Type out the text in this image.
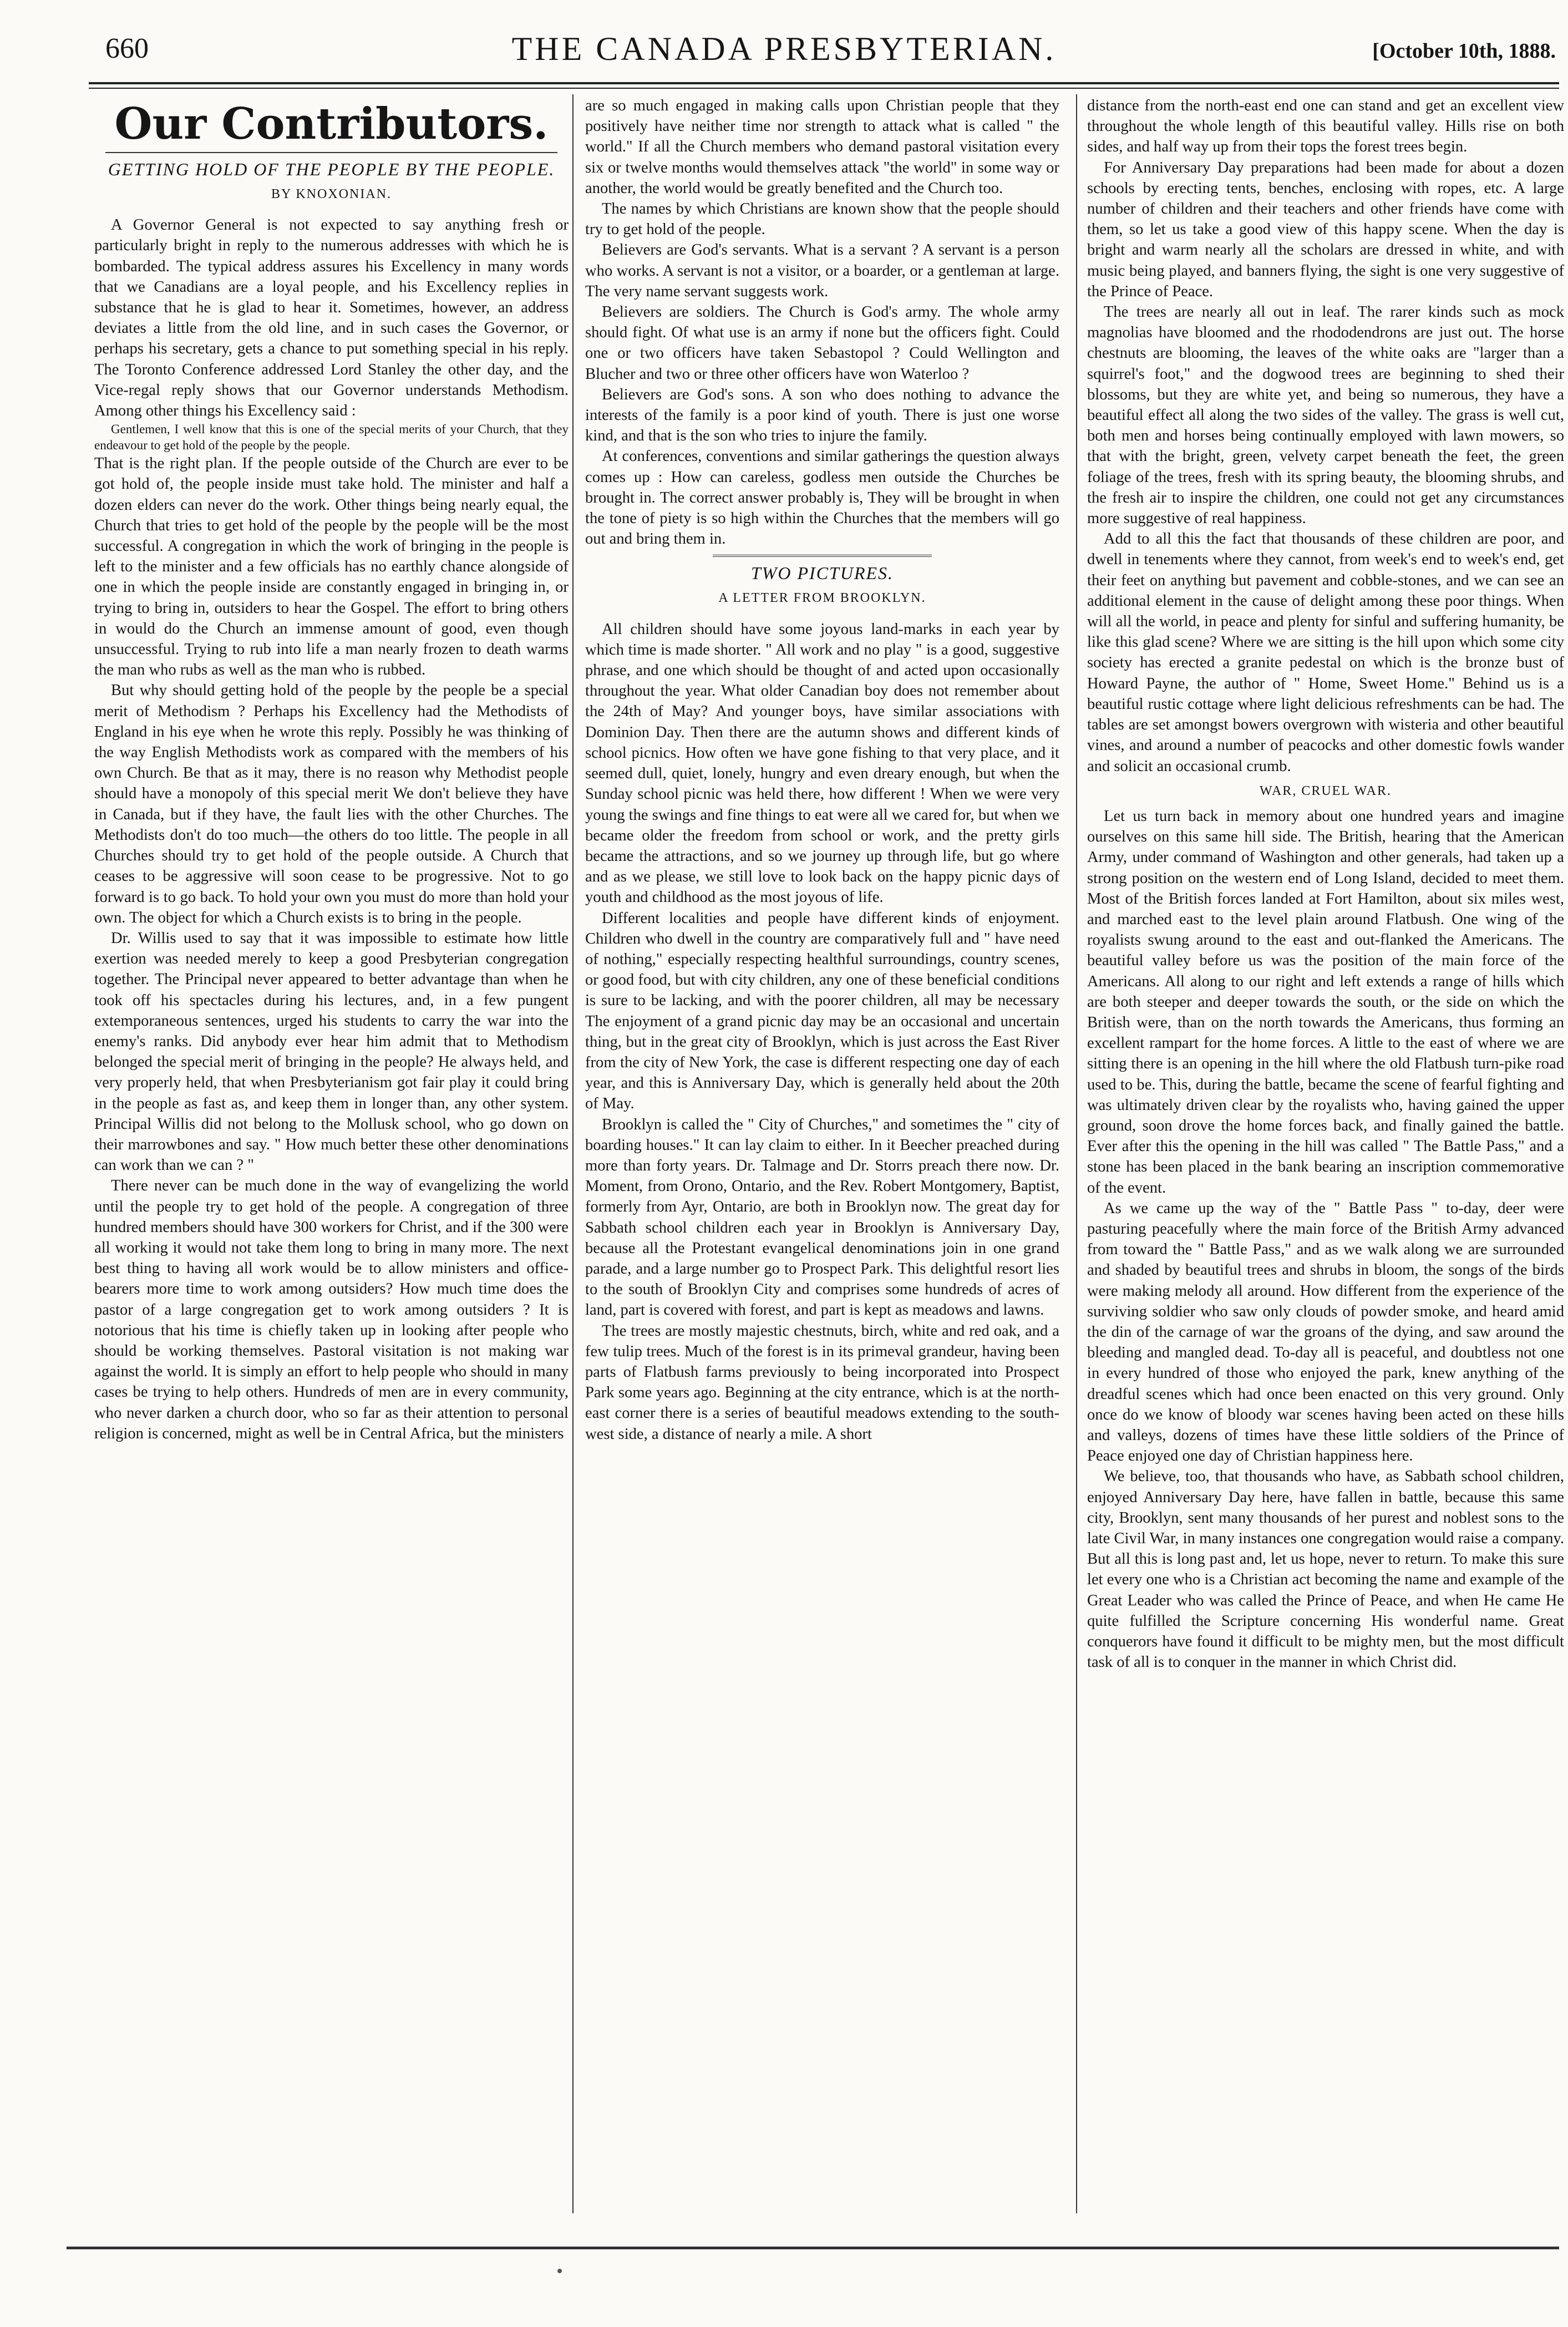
660	THE CANADA PRESBYTERIAN.	[October 10th, 1888.
Our Contributors.
GETTING HOLD OF THE PEOPLE BY THE PEOPLE.
BY KNOXONIAN.

A Governor General is not expected to say anything fresh or particularly bright in reply to the numerous addresses with which he is bombarded. The typical address assures his Excellency in many words that we Canadians are a loyal people, and his Excellency replies in substance that he is glad to hear it. Sometimes, however, an address deviates a little from the old line, and in such cases the Governor, or perhaps his secretary, gets a chance to put something special in his reply. The Toronto Conference addressed Lord Stanley the other day, and the Vice-regal reply shows that our Governor understands Methodism. Among other things his Excellency said :

Gentlemen, I well know that this is one of the special merits of your Church, that they endeavour to get hold of the people by the people.

That is the right plan. If the people outside of the Church are ever to be got hold of, the people inside must take hold. The minister and half a dozen elders can never do the work. Other things being nearly equal, the Church that tries to get hold of the people by the people will be the most successful. A congregation in which the work of bringing in the people is left to the minister and a few officials has no earthly chance alongside of one in which the people inside are constantly engaged in bringing in, or trying to bring in, outsiders to hear the Gospel. The effort to bring others in would do the Church an immense amount of good, even though unsuccessful. Trying to rub into life a man nearly frozen to death warms the man who rubs as well as the man who is rubbed.

But why should getting hold of the people by the people be a special merit of Methodism ? Perhaps his Excellency had the Methodists of England in his eye when he wrote this reply. Possibly he was thinking of the way English Methodists work as compared with the members of his own Church. Be that as it may, there is no reason why Methodist people should have a monopoly of this special merit We don't believe they have in Canada, but if they have, the fault lies with the other Churches. The Methodists don't do too much—the others do too little. The people in all Churches should try to get hold of the people outside. A Church that ceases to be aggressive will soon cease to be progressive. Not to go forward is to go back. To hold your own you must do more than hold your own. The object for which a Church exists is to bring in the people.

Dr. Willis used to say that it was impossible to estimate how little exertion was needed merely to keep a good Presbyterian congregation together. The Principal never appeared to better advantage than when he took off his spectacles during his lectures, and, in a few pungent extemporaneous sentences, urged his students to carry the war into the enemy's ranks. Did anybody ever hear him admit that to Methodism belonged the special merit of bringing in the people? He always held, and very properly held, that when Presbyterianism got fair play it could bring in the people as fast as, and keep them in longer than, any other system. Principal Willis did not belong to the Mollusk school, who go down on their marrowbones and say. " How much better these other denominations can work than we can ? "

There never can be much done in the way of evangelizing the world until the people try to get hold of the people. A congregation of three hundred members should have 300 workers for Christ, and if the 300 were all working it would not take them long to bring in many more. The next best thing to having all work would be to allow ministers and office-bearers more time to work among outsiders? How much time does the pastor of a large congregation get to work among outsiders ? It is notorious that his time is chiefly taken up in looking after people who should be working themselves. Pastoral visitation is not making war against the world. It is simply an effort to help people who should in many cases be trying to help others. Hundreds of men are in every community, who never darken a church door, who so far as their attention to personal religion is concerned, might as well be in Central Africa, but the ministers

are so much engaged in making calls upon Christian people that they positively have neither time nor strength to attack what is called " the world." If all the Church members who demand pastoral visitation every six or twelve months would themselves attack "the world" in some way or another, the world would be greatly benefited and the Church too.

The names by which Christians are known show that the people should try to get hold of the people.

Believers are God's servants. What is a servant ? A servant is a person who works. A servant is not a visitor, or a boarder, or a gentleman at large. The very name servant suggests work.

Believers are soldiers. The Church is God's army. The whole army should fight. Of what use is an army if none but the officers fight. Could one or two officers have taken Sebastopol ? Could Wellington and Blucher and two or three other officers have won Waterloo ?

Believers are God's sons. A son who does nothing to advance the interests of the family is a poor kind of youth. There is just one worse kind, and that is the son who tries to injure the family.

At conferences, conventions and similar gatherings the question always comes up : How can careless, godless men outside the Churches be brought in. The correct answer probably is, They will be brought in when the tone of piety is so high within the Churches that the members will go out and bring them in.

TWO PICTURES.
A LETTER FROM BROOKLYN.

All children should have some joyous land-marks in each year by which time is made shorter. " All work and no play " is a good, suggestive phrase, and one which should be thought of and acted upon occasionally throughout the year. What older Canadian boy does not remember about the 24th of May? And younger boys, have similar associations with Dominion Day. Then there are the autumn shows and different kinds of school picnics. How often we have gone fishing to that very place, and it seemed dull, quiet, lonely, hungry and even dreary enough, but when the Sunday school picnic was held there, how different ! When we were very young the swings and fine things to eat were all we cared for, but when we became older the freedom from school or work, and the pretty girls became the attractions, and so we journey up through life, but go where and as we please, we still love to look back on the happy picnic days of youth and childhood as the most joyous of life.

Different localities and people have different kinds of enjoyment. Children who dwell in the country are comparatively full and " have need of nothing," especially respecting healthful surroundings, country scenes, or good food, but with city children, any one of these beneficial conditions is sure to be lacking, and with the poorer children, all may be necessary The enjoyment of a grand picnic day may be an occasional and uncertain thing, but in the great city of Brooklyn, which is just across the East River from the city of New York, the case is different respecting one day of each year, and this is Anniversary Day, which is generally held about the 20th of May.

Brooklyn is called the " City of Churches," and sometimes the " city of boarding houses." It can lay claim to either. In it Beecher preached during more than forty years. Dr. Talmage and Dr. Storrs preach there now. Dr. Moment, from Orono, Ontario, and the Rev. Robert Montgomery, Baptist, formerly from Ayr, Ontario, are both in Brooklyn now. The great day for Sabbath school children each year in Brooklyn is Anniversary Day, because all the Protestant evangelical denominations join in one grand parade, and a large number go to Prospect Park. This delightful resort lies to the south of Brooklyn City and comprises some hundreds of acres of land, part is covered with forest, and part is kept as meadows and lawns.

The trees are mostly majestic chestnuts, birch, white and red oak, and a few tulip trees. Much of the forest is in its primeval grandeur, having been parts of Flatbush farms previously to being incorporated into Prospect Park some years ago. Beginning at the city entrance, which is at the north-east corner there is a series of beautiful meadows extending to the south-west side, a distance of nearly a mile. A short

distance from the north-east end one can stand and get an excellent view throughout the whole length of this beautiful valley. Hills rise on both sides, and half way up from their tops the forest trees begin.

For Anniversary Day preparations had been made for about a dozen schools by erecting tents, benches, enclosing with ropes, etc. A large number of children and their teachers and other friends have come with them, so let us take a good view of this happy scene. When the day is bright and warm nearly all the scholars are dressed in white, and with music being played, and banners flying, the sight is one very suggestive of the Prince of Peace.

The trees are nearly all out in leaf. The rarer kinds such as mock magnolias have bloomed and the rhododendrons are just out. The horse chestnuts are blooming, the leaves of the white oaks are "larger than a squirrel's foot," and the dogwood trees are beginning to shed their blossoms, but they are white yet, and being so numerous, they have a beautiful effect all along the two sides of the valley. The grass is well cut, both men and horses being continually employed with lawn mowers, so that with the bright, green, velvety carpet beneath the feet, the green foliage of the trees, fresh with its spring beauty, the blooming shrubs, and the fresh air to inspire the children, one could not get any circumstances more suggestive of real happiness.

Add to all this the fact that thousands of these children are poor, and dwell in tenements where they cannot, from week's end to week's end, get their feet on anything but pavement and cobble-stones, and we can see an additional element in the cause of delight among these poor things. When will all the world, in peace and plenty for sinful and suffering humanity, be like this glad scene? Where we are sitting is the hill upon which some city society has erected a granite pedestal on which is the bronze bust of Howard Payne, the author of " Home, Sweet Home." Behind us is a beautiful rustic cottage where light delicious refreshments can be had. The tables are set amongst bowers overgrown with wisteria and other beautiful vines, and around a number of peacocks and other domestic fowls wander and solicit an occasional crumb.

WAR, CRUEL WAR.

Let us turn back in memory about one hundred years and imagine ourselves on this same hill side. The British, hearing that the American Army, under command of Washington and other generals, had taken up a strong position on the western end of Long Island, decided to meet them. Most of the British forces landed at Fort Hamilton, about six miles west, and marched east to the level plain around Flatbush. One wing of the royalists swung around to the east and out-flanked the Americans. The beautiful valley before us was the position of the main force of the Americans. All along to our right and left extends a range of hills which are both steeper and deeper towards the south, or the side on which the British were, than on the north towards the Americans, thus forming an excellent rampart for the home forces. A little to the east of where we are sitting there is an opening in the hill where the old Flatbush turn-pike road used to be. This, during the battle, became the scene of fearful fighting and was ultimately driven clear by the royalists who, having gained the upper ground, soon drove the home forces back, and finally gained the battle. Ever after this the opening in the hill was called " The Battle Pass," and a stone has been placed in the bank bearing an inscription commemorative of the event.

As we came up the way of the " Battle Pass " to-day, deer were pasturing peacefully where the main force of the British Army advanced from toward the " Battle Pass," and as we walk along we are surrounded and shaded by beautiful trees and shrubs in bloom, the songs of the birds were making melody all around. How different from the experience of the surviving soldier who saw only clouds of powder smoke, and heard amid the din of the carnage of war the groans of the dying, and saw around the bleeding and mangled dead. To-day all is peaceful, and doubtless not one in every hundred of those who enjoyed the park, knew anything of the dreadful scenes which had once been enacted on this very ground. Only once do we know of bloody war scenes having been acted on these hills and valleys, dozens of times have these little soldiers of the Prince of Peace enjoyed one day of Christian happiness here.

We believe, too, that thousands who have, as Sabbath school children, enjoyed Anniversary Day here, have fallen in battle, because this same city, Brooklyn, sent many thousands of her purest and noblest sons to the late Civil War, in many instances one congregation would raise a company. But all this is long past and, let us hope, never to return. To make this sure let every one who is a Christian act becoming the name and example of the Great Leader who was called the Prince of Peace, and when He came He quite fulfilled the Scripture concerning His wonderful name. Great conquerors have found it difficult to be mighty men, but the most difficult task of all is to conquer in the manner in which Christ did.
